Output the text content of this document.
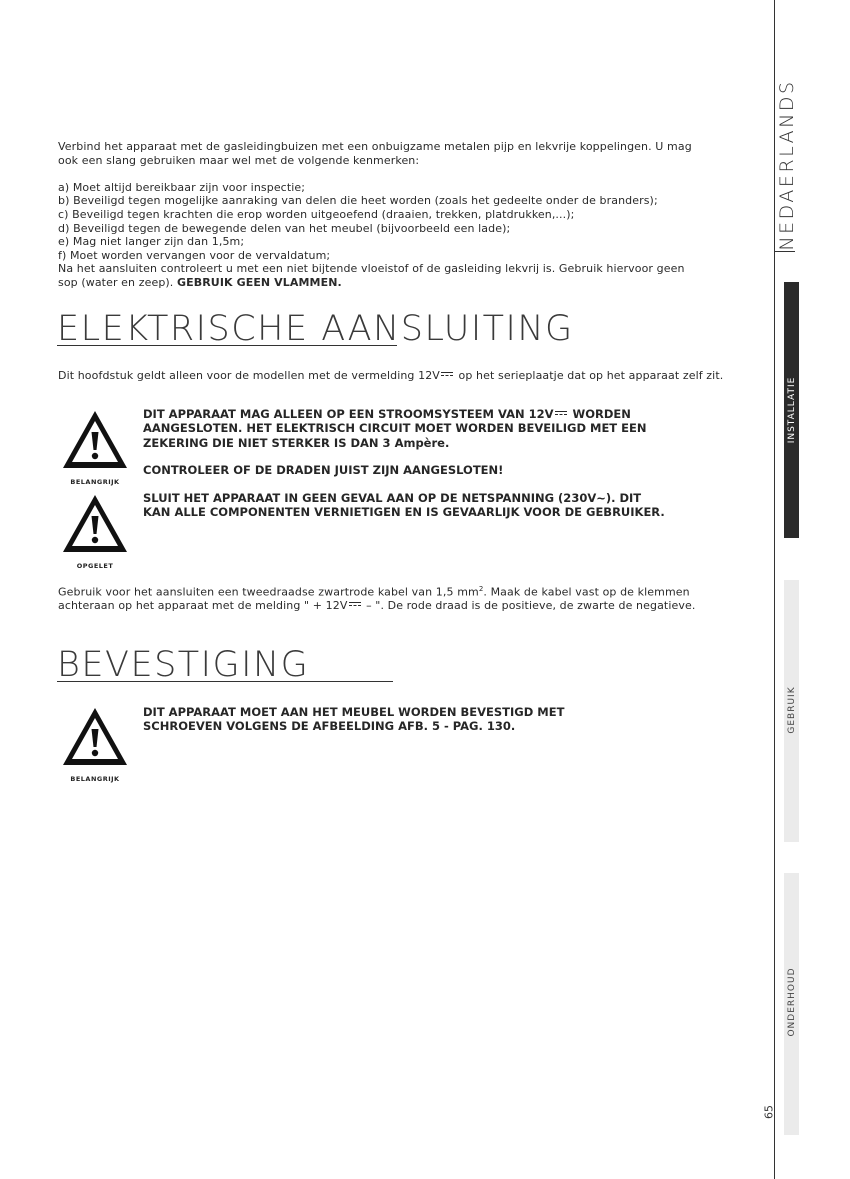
Verbind het apparaat met de gasleidingbuizen met een onbuigzame metalen pijp en lekvrije koppelingen. U mag
ook een slang gebruiken maar wel met de volgende kenmerken:
a) Moet altijd bereikbaar zijn voor inspectie;
b) Beveiligd tegen mogelijke aanraking van delen die heet worden (zoals het gedeelte onder de branders);
c) Beveiligd tegen krachten die erop worden uitgeoefend (draaien, trekken, platdrukken,...);
d) Beveiligd tegen de bewegende delen van het meubel (bijvoorbeeld een lade);
e) Mag niet langer zijn dan 1,5m;
f) Moet worden vervangen voor de vervaldatum;
Na het aansluiten controleert u met een niet bijtende vloeistof of de gasleiding lekvrij is. Gebruik hiervoor geen
sop (water en zeep). GEBRUIK GEEN VLAMMEN.
ELEKTRISCHE AANSLUITING
Dit hoofdstuk geldt alleen voor de modellen met de vermelding 12V op het serieplaatje dat op het apparaat zelf zit.
BELANGRIJK
OPGELET
DIT APPARAAT MAG ALLEEN OP EEN STROOMSYSTEEM VAN 12V WORDEN
AANGESLOTEN. HET ELEKTRISCH CIRCUIT MOET WORDEN BEVEILIGD MET EEN
ZEKERING DIE NIET STERKER IS DAN 3 Ampère.
CONTROLEER OF DE DRADEN JUIST ZIJN AANGESLOTEN!
SLUIT HET APPARAAT IN GEEN GEVAL AAN OP DE NETSPANNING (230V~). DIT
KAN ALLE COMPONENTEN VERNIETIGEN EN IS GEVAARLIJK VOOR DE GEBRUIKER.
Gebruik voor het aansluiten een tweedraadse zwartrode kabel van 1,5 $mm^2$. Maak de kabel vast op de klemmen
achteraan op het apparaat met de melding " + 12V – ". De rode draad is de positieve, de zwarte de negatieve.
BEVESTIGING
BELANGRIJK
DIT APPARAAT MOET AAN HET MEUBEL WORDEN BEVESTIGD MET
SCHROEVEN VOLGENS DE AFBEELDING AFB. 5 - PAG. 130.
NEDAERLANDS
INSTALLATIE
GEBRUIK
ONDERHOUD
65
